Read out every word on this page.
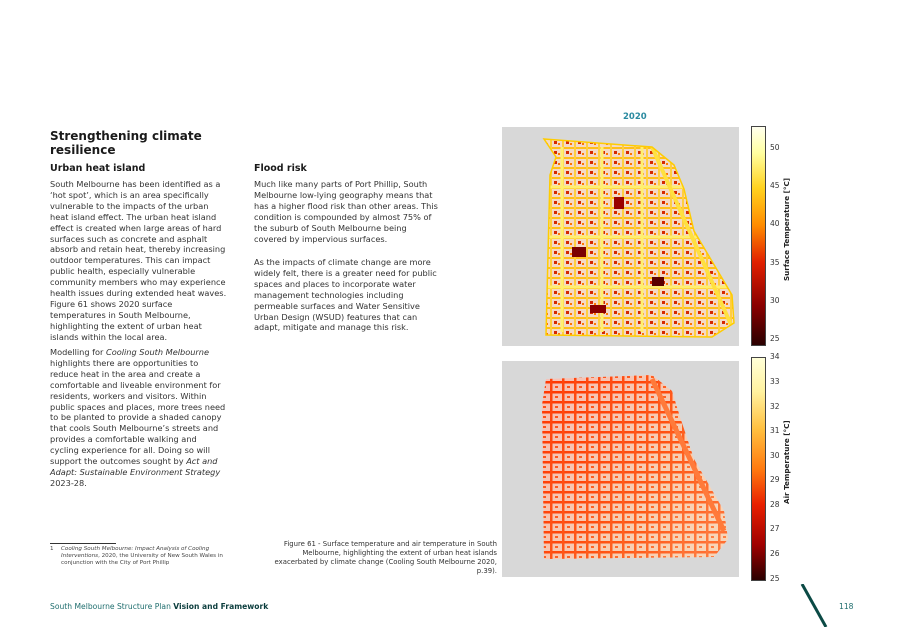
Strengthening climate resilience
Urban heat island

South Melbourne has been identified as a ‘hot spot’, which is an area specifically vulnerable to the impacts of the urban heat island effect. The urban heat island effect is created when large areas of hard surfaces such as concrete and asphalt absorb and retain heat, thereby increasing outdoor temperatures. This can impact public health, especially vulnerable community members who may experience health issues during extended heat waves. Figure 61 shows 2020 surface temperatures in South Melbourne, highlighting the extent of urban heat islands within the local area.

Modelling for Cooling South Melbourne highlights there are opportunities to reduce heat in the area and create a comfortable and liveable environment for residents, workers and visitors. Within public spaces and places, more trees need to be planted to provide a shaded canopy that cools South Melbourne’s streets and provides a comfortable walking and cycling experience for all. Doing so will support the outcomes sought by Act and Adapt: Sustainable Environment Strategy 2023-28.

Flood risk

Much like many parts of Port Phillip, South Melbourne low-lying geography means that has a higher flood risk than other areas. This condition is compounded by almost 75% of the suburb of South Melbourne being covered by impervious surfaces.

As the impacts of climate change are more widely felt, there is a greater need for public spaces and places to incorporate water management technologies including permeable surfaces and Water Sensitive Urban Design (WSUD) features that can adapt, mitigate and manage this risk.

1 Cooling South Melbourne: Impact Analysis of Cooling Interventions, 2020, the University of New South Wales in conjunction with the City of Port Phillip
2020
50
45
40
35
30
25
Surface Temperature [°C]
34
33
32
31
30
29
28
27
26
25
Air Temperature [°C]
Figure 61 - Surface temperature and air temperature in South Melbourne, highlighting the extent of urban heat islands exacerbated by climate change (Cooling South Melbourne 2020, p.39).
South Melbourne Structure Plan Vision and Framework	118
